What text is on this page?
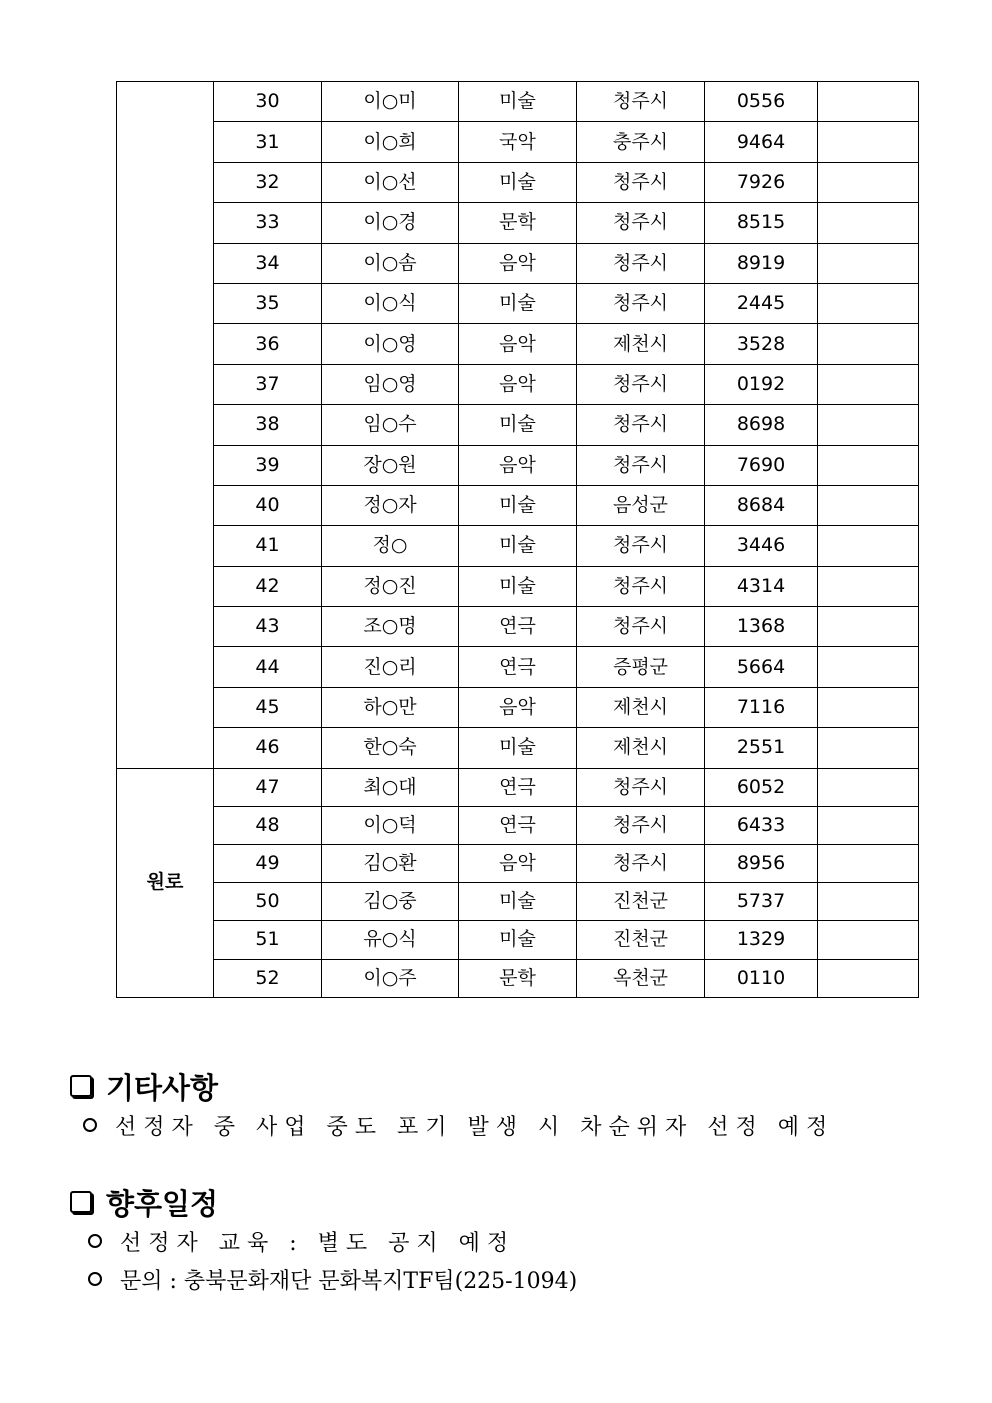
	30	이○미	미술	청주시	0556	
	31	이○희	국악	충주시	9464	
	32	이○선	미술	청주시	7926	
	33	이○경	문학	청주시	8515	
	34	이○솜	음악	청주시	8919	
	35	이○식	미술	청주시	2445	
	36	이○영	음악	제천시	3528	
	37	임○영	음악	청주시	0192	
	38	임○수	미술	청주시	8698	
	39	장○원	음악	청주시	7690	
	40	정○자	미술	음성군	8684	
	41	정○	미술	청주시	3446	
	42	정○진	미술	청주시	4314	
	43	조○명	연극	청주시	1368	
	44	진○리	연극	증평군	5664	
	45	하○만	음악	제천시	7116	
	46	한○숙	미술	제천시	2551	
원로	47	최○대	연극	청주시	6052	
	48	이○덕	연극	청주시	6433	
	49	김○환	음악	청주시	8956	
	50	김○중	미술	진천군	5737	
	51	유○식	미술	진천군	1329	
	52	이○주	문학	옥천군	0110	
기타사항
선정자 중 사업 중도 포기 발생 시 차순위자 선정 예정
향후일정
선정자 교육 : 별도 공지 예정
문의 : 충북문화재단 문화복지TF팀(225-1094)
